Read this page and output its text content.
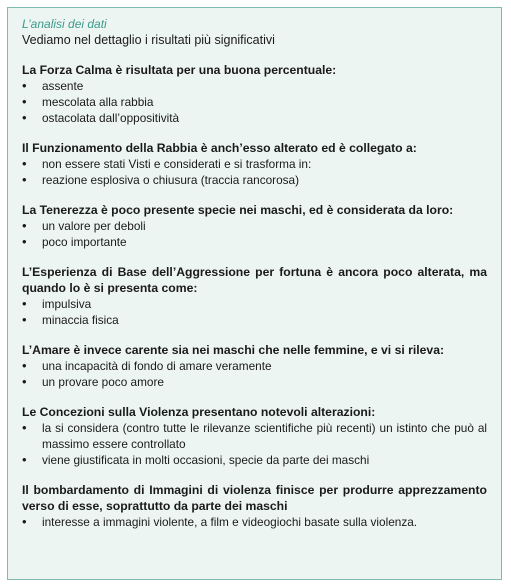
L’analisi dei dati
Vediamo nel dettaglio i risultati più significativi
La Forza Calma è risultata per una buona percentuale:
• assente
• mescolata alla rabbia
• ostacolata dall’oppositività
Il Funzionamento della Rabbia è anch’esso alterato ed è collegato a:
• non essere stati Visti e considerati e si trasforma in:
• reazione esplosiva o chiusura (traccia rancorosa)
La Tenerezza è poco presente specie nei maschi, ed è considerata da loro:
• un valore per deboli
• poco importante
L’Esperienza di Base dell’Aggressione per fortuna è ancora poco alterata, ma quando lo è si presenta come:
• impulsiva
• minaccia fisica
L’Amare è invece carente sia nei maschi che nelle femmine, e vi si rileva:
• una incapacità di fondo di amare veramente
• un provare poco amore
Le Concezioni sulla Violenza presentano notevoli alterazioni:
• la si considera (contro tutte le rilevanze scientifiche più recenti) un istinto che può al massimo essere controllato
• viene giustificata in molti occasioni, specie da parte dei maschi
Il bombardamento di Immagini di violenza finisce per produrre apprezzamento verso di esse, soprattutto da parte dei maschi
• interesse a immagini violente, a film e videogiochi basate sulla violenza.
